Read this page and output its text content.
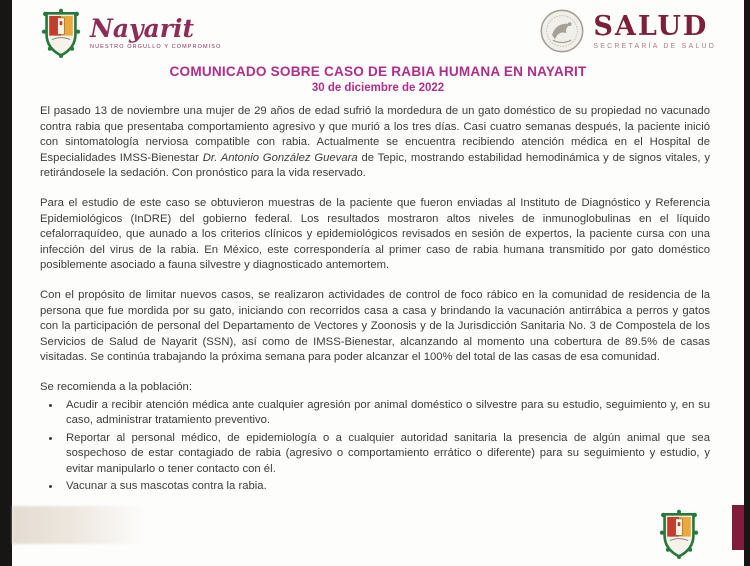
Nayarit
NUESTRO ORGULLO Y COMPROMISO
SALUD
SECRETARÍA DE SALUD
COMUNICADO SOBRE CASO DE RABIA HUMANA EN NAYARIT
30 de diciembre de 2022

El pasado 13 de noviembre una mujer de 29 años de edad sufrió la mordedura de un gato doméstico de su propiedad no vacunado contra rabia que presentaba comportamiento agresivo y que murió a los tres días. Casi cuatro semanas después, la paciente inició con sintomatología nerviosa compatible con rabia. Actualmente se encuentra recibiendo atención médica en el Hospital de Especialidades IMSS-Bienestar Dr. Antonio González Guevara de Tepic, mostrando estabilidad hemodinámica y de signos vitales, y retirándosele la sedación. Con pronóstico para la vida reservado.

Para el estudio de este caso se obtuvieron muestras de la paciente que fueron enviadas al Instituto de Diagnóstico y Referencia Epidemiológicos (InDRE) del gobierno federal. Los resultados mostraron altos niveles de inmunoglobulinas en el líquido cefalorraquídeo, que aunado a los criterios clínicos y epidemiológicos revisados en sesión de expertos, la paciente cursa con una infección del virus de la rabia. En México, este correspondería al primer caso de rabia humana transmitido por gato doméstico posiblemente asociado a fauna silvestre y diagnosticado antemortem.

Con el propósito de limitar nuevos casos, se realizaron actividades de control de foco rábico en la comunidad de residencia de la persona que fue mordida por su gato, iniciando con recorridos casa a casa y brindando la vacunación antirrábica a perros y gatos con la participación de personal del Departamento de Vectores y Zoonosis y de la Jurisdicción Sanitaria No. 3 de Compostela de los Servicios de Salud de Nayarit (SSN), así como de IMSS-Bienestar, alcanzando al momento una cobertura de 89.5% de casas visitadas. Se continúa trabajando la próxima semana para poder alcanzar el 100% del total de las casas de esa comunidad.

Se recomienda a la población:

• Acudir a recibir atención médica ante cualquier agresión por animal doméstico o silvestre para su estudio, seguimiento y, en su caso, administrar tratamiento preventivo.
• Reportar al personal médico, de epidemiología o a cualquier autoridad sanitaria la presencia de algún animal que sea sospechoso de estar contagiado de rabia (agresivo o comportamiento errático o diferente) para su seguimiento y estudio, y evitar manipularlo o tener contacto con él.
• Vacunar a sus mascotas contra la rabia.
